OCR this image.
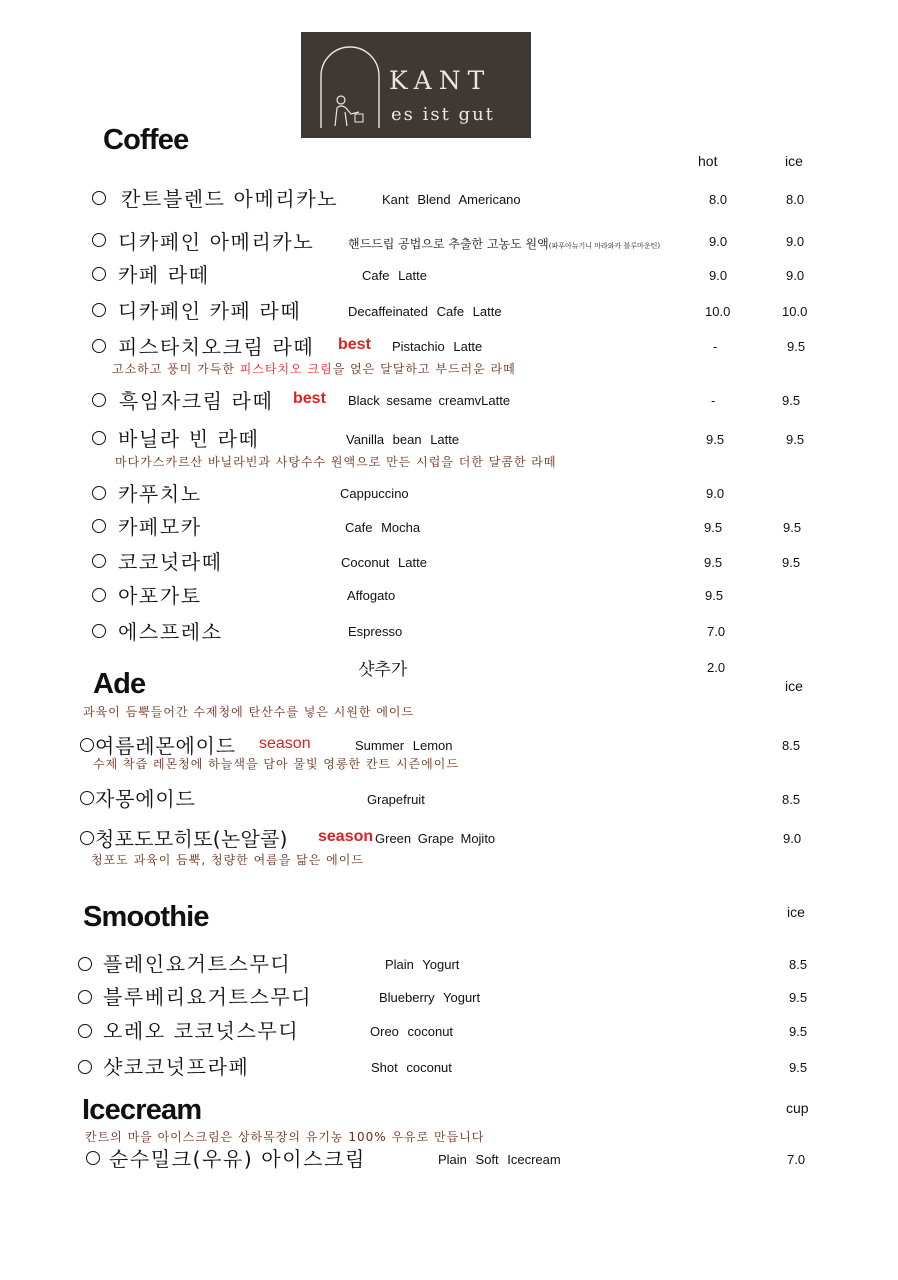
KANT
es ist gut
Coffee
hot	ice
칸트블렌드 아메리카노	Kant Blend Americano	8.0	8.0
디카페인 아메리카노	핸드드립 공법으로 추출한 고농도 원액(파푸아뉴기니 마라와카 블루마운틴)	9.0	9.0
카페 라떼	Cafe Latte	9.0	9.0
디카페인 카페 라떼	Decaffeinated Cafe Latte	10.0	10.0
피스타치오크림 라떼 best Pistachio Latte	-	9.5
고소하고 풍미 가득한 피스타치오 크림을 얹은 달달하고 부드러운 라떼
흑임자크림 라떼 best Black sesame creamvLatte	-	9.5
바닐라 빈 라떼	Vanilla bean Latte	9.5	9.5
마다가스카르산 바닐라빈과 사탕수수 원액으로 만든 시럽을 더한 달콤한 라떼
카푸치노	Cappuccino	9.0
카페모카	Cafe Mocha	9.5	9.5
코코넛라떼	Coconut Latte	9.5	9.5
아포가토	Affogato	9.5
에스프레소	Espresso	7.0
샷추가	2.0
Ade	ice
과육이 듬뿍들어간 수제청에 탄산수를 넣은 시원한 에이드
여름레몬에이드 season	Summer Lemon	8.5
수제 착즙 레몬청에 하늘색을 담아 물빛 영롱한 칸트 시즌에이드
자몽에이드	Grapefruit	8.5
청포도모히또(논알콜) season Green Grape Mojito	9.0
청포도 과육이 듬뿍, 청량한 여름을 닮은 에이드
Smoothie	ice
플레인요거트스무디	Plain Yogurt	8.5
블루베리요거트스무디	Blueberry Yogurt	9.5
오레오 코코넛스무디	Oreo coconut	9.5
샷코코넛프라페	Shot coconut	9.5
Icecream	cup
칸트의 마을 아이스크림은 상하목장의 유기농 100% 우유로 만듭니다
순수밀크(우유) 아이스크림	Plain Soft Icecream	7.0
